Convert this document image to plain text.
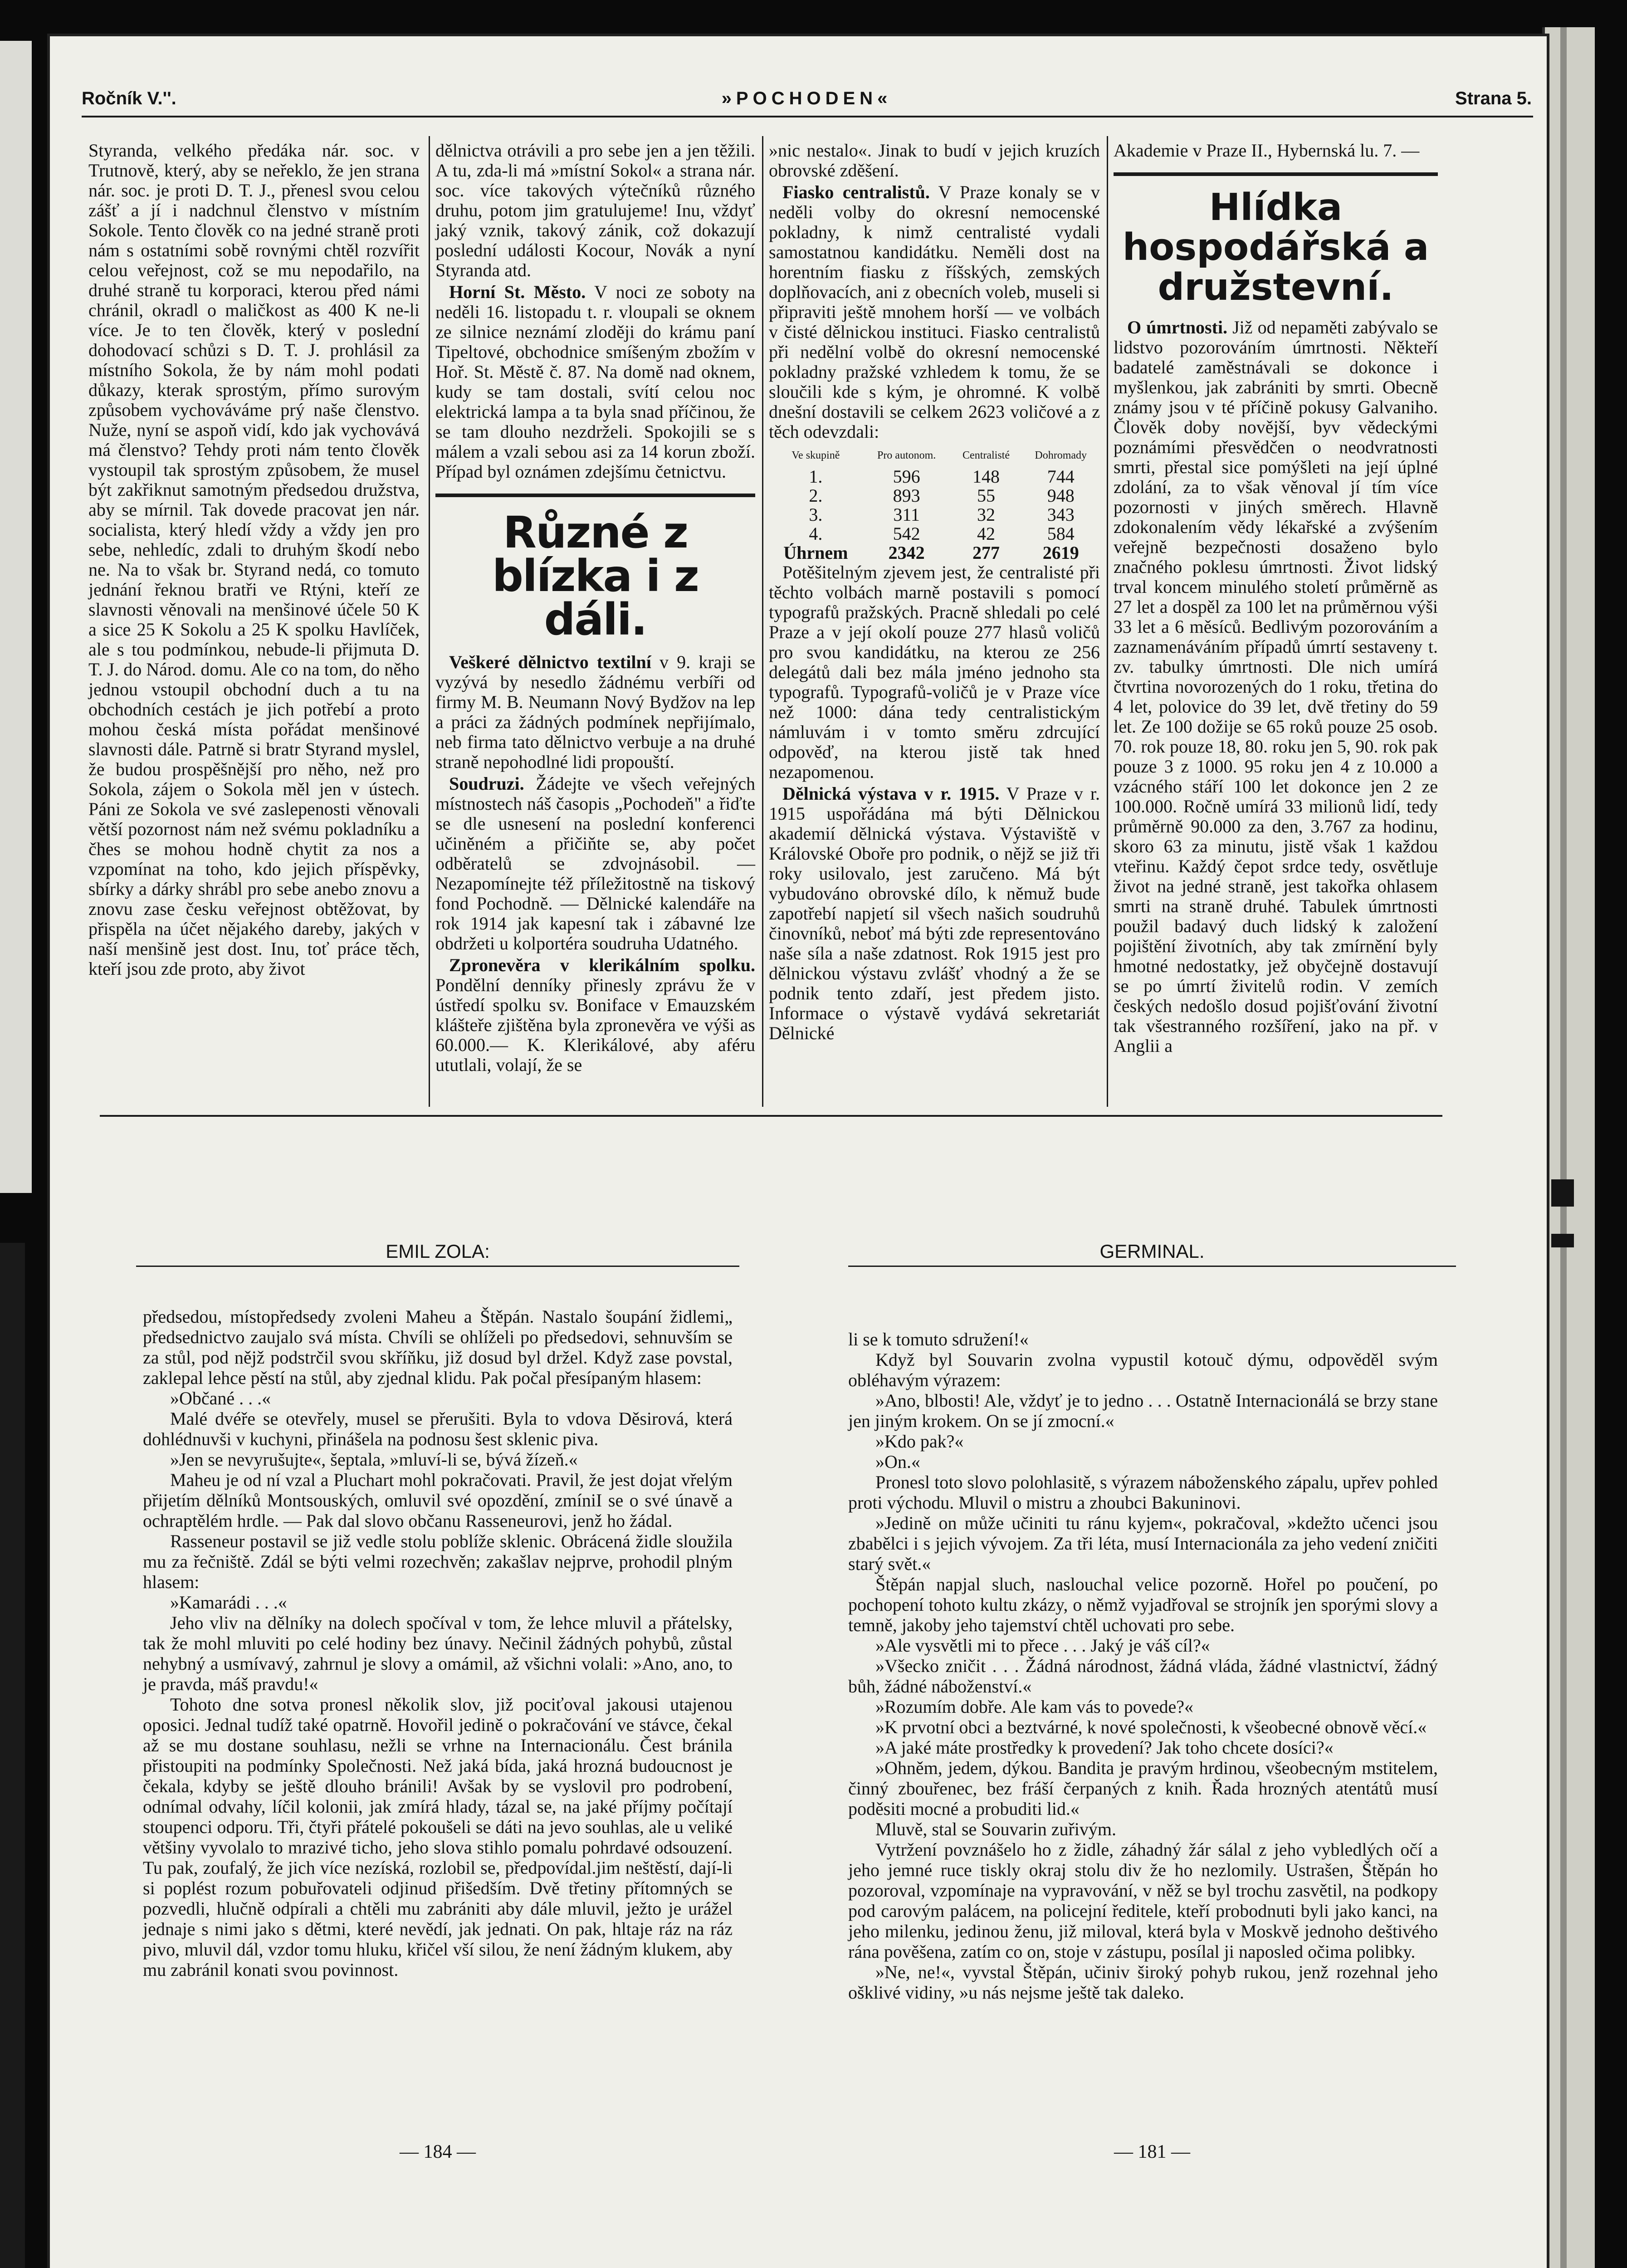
Ročník V.''.	»POCHODEN«	Strana 5.

Styranda, velkého předáka nár. soc. v Trutnově, který, aby se neřeklo, že jen strana nár. soc. je proti D. T. J., přenesl svou celou zášť a jí i nadchnul členstvo v místním Sokole. Tento člověk co na jedné straně proti nám s ostatními sobě rovnými chtěl rozvířit celou veřejnost, což se mu nepodařilo, na druhé straně tu korporaci, kterou před námi chránil, okradl o maličkost as 400 K ne-li více. Je to ten člověk, který v poslední dohodovací schůzi s D. T. J. prohlásil za místního Sokola, že by nám mohl podati důkazy, kterak sprostým, přímo surovým způsobem vychováváme prý naše členstvo. Nuže, nyní se aspoň vidí, kdo jak vychovává má členstvo? Tehdy proti nám tento člověk vystoupil tak sprostým způsobem, že musel být zakřiknut samotným předsedou družstva, aby se mírnil. Tak dovede pracovat jen nár. socialista, který hledí vždy a vždy jen pro sebe, nehledíc, zdali to druhým škodí nebo ne. Na to však br. Styrand nedá, co tomuto jednání řeknou bratři ve Rtýni, kteří ze slavnosti věnovali na menšinové účele 50 K a sice 25 K Sokolu a 25 K spolku Havlíček, ale s tou podmínkou, nebude-li přijmuta D. T. J. do Národ. domu. Ale co na tom, do něho jednou vstoupil obchodní duch a tu na obchodních cestách je jich potřebí a proto mohou česká místa pořádat menšinové slavnosti dále. Patrně si bratr Styrand myslel, že budou prospěšnější pro něho, než pro Sokola, zájem o Sokola měl jen v ústech. Páni ze Sokola ve své zaslepenosti věnovali větší pozornost nám než svému pokladníku a čhes se mohou hodně chytit za nos a vzpomínat na toho, kdo jejich příspěvky, sbírky a dárky shrábl pro sebe anebo znovu a znovu zase česku veřejnost obtěžovat, by přispěla na účet nějakého dareby, jakých v naší menšině jest dost. Inu, toť práce těch, kteří jsou zde proto, aby život

dělnictva otrávili a pro sebe jen a jen těžili. A tu, zda-li má »místní Sokol« a strana nár. soc. více takových výtečníků různého druhu, potom jim gratulujeme! Inu, vždyť jaký vznik, takový zánik, což dokazují poslední události Kocour, Novák a nyní Styranda atd.

Horní St. Město. V noci ze soboty na neděli 16. listopadu t. r. vloupali se oknem ze silnice neznámí zloději do krámu paní Tipeltové, obchodnice smíšeným zbožím v Hoř. St. Městě č. 87. Na domě nad oknem, kudy se tam dostali, svítí celou noc elektrická lampa a ta byla snad příčinou, že se tam dlouho nezdrželi. Spokojili se s málem a vzali sebou asi za 14 korun zboží. Případ byl oznámen zdejšímu četnictvu.

Různé z blízka i z dáli.

Veškeré dělnictvo textilní v 9. kraji se vyzývá by nesedlo žádnému verbíři od firmy M. B. Neumann Nový Bydžov na lep a práci za žádných podmínek nepřijímalo, neb firma tato dělnictvo verbuje a na druhé straně nepohodlné lidi propouští.

Soudruzi. Žádejte ve všech veřejných místnostech náš časopis „Pochodeň" a řiďte se dle usnesení na poslední konferenci učiněném a přičiňte se, aby počet odběratelů se zdvojnásobil. — Nezapomínejte též příležitostně na tiskový fond Pochodně. — Dělnické kalendáře na rok 1914 jak kapesní tak i zábavné lze obdržeti u kolportéra soudruha Udatného.

Zpronevěra v klerikálním spolku. Pondělní denníky přinesly zprávu že v ústředí spolku sv. Boniface v Emauzském klášteře zjištěna byla zpronevěra ve výši as 60.000.— K. Klerikálové, aby aféru ututlali, volají, že se

»nic nestalo«. Jinak to budí v jejich kruzích obrovské zděšení.

Fiasko centralistů. V Praze konaly se v neděli volby do okresní nemocenské pokladny, k nimž centralisté vydali samostatnou kandidátku. Neměli dost na horentním fiasku z říšských, zemských doplňovacích, ani z obecních voleb, museli si připraviti ještě mnohem horší — ve volbách v čisté dělnickou instituci. Fiasko centralistů při nedělní volbě do okresní nemocenské pokladny pražské vzhledem k tomu, že se sloučili kde s kým, je ohromné. K volbě dnešní dostavili se celkem 2623 voličové a z těch odevzdali:

Ve skupině	Pro autonom.	Centralisté	Dohromady
1.	596	148	744
2.	893	55	948
3.	311	32	343
4.	542	42	584
Úhrnem	2342	277	2619

Potěšitelným zjevem jest, že centralisté při těchto volbách marně postavili s pomocí typografů pražských. Pracně shledali po celé Praze a v její okolí pouze 277 hlasů voličů pro svou kandidátku, na kterou ze 256 delegátů dali bez mála jméno jednoho sta typografů. Typografů-voličů je v Praze více než 1000: dána tedy centralistickým námluvám i v tomto směru zdrcující odpověď, na kterou jistě tak hned nezapomenou.

Dělnická výstava v r. 1915. V Praze v r. 1915 uspořádána má býti Dělnickou akademií dělnická výstava. Výstaviště v Královské Oboře pro podnik, o nějž se již tři roky usilovalo, jest zaručeno. Má být vybudováno obrovské dílo, k němuž bude zapotřebí napjetí sil všech našich soudruhů činovníků, neboť má býti zde representováno naše síla a naše zdatnost. Rok 1915 jest pro dělnickou výstavu zvlášť vhodný a že se podnik tento zdaří, jest předem jisto. Informace o výstavě vydává sekretariát Dělnické

Akademie v Praze II., Hybernská lu. 7. —

Hlídka hospodářská a družstevní.

O úmrtnosti. Již od nepaměti zabývalo se lidstvo pozorováním úmrtnosti. Někteří badatelé zaměstnávali se dokonce i myšlenkou, jak zabrániti by smrti. Obecně známy jsou v té příčině pokusy Galvaniho. Člověk doby novější, byv vědeckými poznámími přesvědčen o neodvratnosti smrti, přestal sice pomýšleti na její úplné zdolání, za to však věnoval jí tím více pozornosti v jiných směrech. Hlavně zdokonalením vědy lékařské a zvýšením veřejně bezpečnosti dosaženo bylo značného poklesu úmrtnosti. Život lidský trval koncem minulého století průměrně as 27 let a dospěl za 100 let na průměrnou výši 33 let a 6 měsíců. Bedlivým pozorováním a zaznamenáváním případů úmrtí sestaveny t. zv. tabulky úmrtnosti. Dle nich umírá čtvrtina novorozených do 1 roku, třetina do 4 let, polovice do 39 let, dvě třetiny do 59 let. Ze 100 dožije se 65 roků pouze 25 osob. 70. rok pouze 18, 80. roku jen 5, 90. rok pak pouze 3 z 1000. 95 roku jen 4 z 10.000 a vzácného stáří 100 let dokonce jen 2 ze 100.000. Ročně umírá 33 milionů lidí, tedy průměrně 90.000 za den, 3.767 za hodinu, skoro 63 za minutu, jistě však 1 každou vteřinu. Každý čepot srdce tedy, osvětluje život na jedné straně, jest takořka ohlasem smrti na straně druhé. Tabulek úmrtnosti použil badavý duch lidský k založení pojištění životních, aby tak zmírnění byly hmotné nedostatky, jež obyčejně dostavují se po úmrtí živitelů rodin. V zemích českých nedošlo dosud pojišťování životní tak všestranného rozšíření, jako na př. v Anglii a

EMIL ZOLA:	GERMINAL.

předsedou, místopředsedy zvoleni Maheu a Štěpán. Nastalo šoupání židlemi„ předsednictvo zaujalo svá místa. Chvíli se ohlíželi po předsedovi, sehnuvším se za stůl, pod nějž podstrčil svou skříňku, již dosud byl držel. Když zase povstal, zaklepal lehce pěstí na stůl, aby zjednal klidu. Pak počal přesípaným hlasem:

»Občané . . .«

Malé dvéře se otevřely, musel se přerušiti. Byla to vdova Děsirová, která dohlédnuvši v kuchyni, přinášela na podnosu šest sklenic piva.

»Jen se nevyrušujte«, šeptala, »mluví-li se, bývá žízeň.«

Maheu je od ní vzal a Pluchart mohl pokračovati. Pravil, že jest dojat vřelým přijetím dělníků Montsouských, omluvil své opozdění, zmíniI se o své únavě a ochraptělém hrdle. — Pak dal slovo občanu Rasseneurovi, jenž ho žádal.

Rasseneur postavil se již vedle stolu poblíže sklenic. Obrácená židle sloužila mu za řečniště. Zdál se býti velmi rozechvěn; zakašlav nejprve, prohodil plným hlasem:

»Kamarádi . . .«

Jeho vliv na dělníky na dolech spočíval v tom, že lehce mluvil a přátelsky, tak že mohl mluviti po celé hodiny bez únavy. Nečinil žádných pohybů, zůstal nehybný a usmívavý, zahrnul je slovy a omámil, až všichni volali: »Ano, ano, to je pravda, máš pravdu!«

Tohoto dne sotva pronesl několik slov, již pociťoval jakousi utajenou oposici. Jednal tudíž také opatrně. Hovořil jedině o pokračování ve stávce, čekal až se mu dostane souhlasu, nežli se vrhne na Internacionálu. Čest bránila přistoupiti na podmínky Společnosti. Než jaká bída, jaká hrozná budoucnost je čekala, kdyby se ještě dlouho bránili! Avšak by se vyslovil pro podrobení, odnímal odvahy, líčil kolonii, jak zmírá hlady, tázal se, na jaké příjmy počítají stoupenci odporu. Tři, čtyři přátelé pokoušeli se dáti na jevo souhlas, ale u veliké většiny vyvolalo to mrazivé ticho, jeho slova stihlo pomalu pohrdavé odsouzení. Tu pak, zoufalý, že jich více nezíská, rozlobil se, předpovídal.jim neštěstí, dají-li si poplést rozum pobuřovateli odjinud přišedším. Dvě třetiny přítomných se pozvedli, hlučně odpírali a chtěli mu zabrániti aby dále mluvil, ježto je urážel jednaje s nimi jako s dětmi, které nevědí, jak jednati. On pak, hltaje ráz na ráz pivo, mluvil dál, vzdor tomu hluku, křičel vší silou, že není žádným klukem, aby mu zabránil konati svou povinnost.

li se k tomuto sdružení!«

Když byl Souvarin zvolna vypustil kotouč dýmu, odpověděl svým obléhavým výrazem:

»Ano, blbosti! Ale, vždyť je to jedno . . . Ostatně Internacionálá se brzy stane jen jiným krokem. On se jí zmocní.«

»Kdo pak?«

»On.«

Pronesl toto slovo polohlasitě, s výrazem náboženského zápalu, upřev pohled proti východu. Mluvil o mistru a zhoubci Bakuninovi.

»Jedině on může učiniti tu ránu kyjem«, pokračoval, »kdežto učenci jsou zbabělci i s jejich vývojem. Za tři léta, musí Internacionála za jeho vedení zničiti starý svět.«

Štěpán napjal sluch, naslouchal velice pozorně. Hořel po poučení, po pochopení tohoto kultu zkázy, o němž vyjadřoval se strojník jen sporými slovy a temně, jakoby jeho tajemství chtěl uchovati pro sebe.

»Ale vysvětli mi to přece . . . Jaký je váš cíl?«

»Všecko zničit . . . Žádná národnost, žádná vláda, žádné vlastnictví, žádný bůh, žádné náboženství.«

»Rozumím dobře. Ale kam vás to povede?«

»K prvotní obci a beztvárné, k nové společnosti, k všeobecné obnově věcí.«

»A jaké máte prostředky k provedení? Jak toho chcete dosíci?«

»Ohněm, jedem, dýkou. Bandita je pravým hrdinou, všeobecným mstitelem, činný zbouřenec, bez fráší čerpaných z knih. Řada hrozných atentátů musí poděsiti mocné a probuditi lid.«

Mluvě, stal se Souvarin zuřivým.

Vytržení povznášelo ho z židle, záhadný žár sálal z jeho vybledlých očí a jeho jemné ruce tiskly okraj stolu div že ho nezlomily. Ustrašen, Štěpán ho pozoroval, vzpomínaje na vypravování, v něž se byl trochu zasvětil, na podkopy pod carovým palácem, na policejní ředitele, kteří probodnuti byli jako kanci, na jeho milenku, jedinou ženu, již miloval, která byla v Moskvě jednoho deštivého rána pověšena, zatím co on, stoje v zástupu, posílal ji naposled očima polibky.

»Ne, ne!«, vyvstal Štěpán, učiniv široký pohyb rukou, jenž rozehnal jeho ošklivé vidiny, »u nás nejsme ještě tak daleko.

— 184 —	— 181 —
